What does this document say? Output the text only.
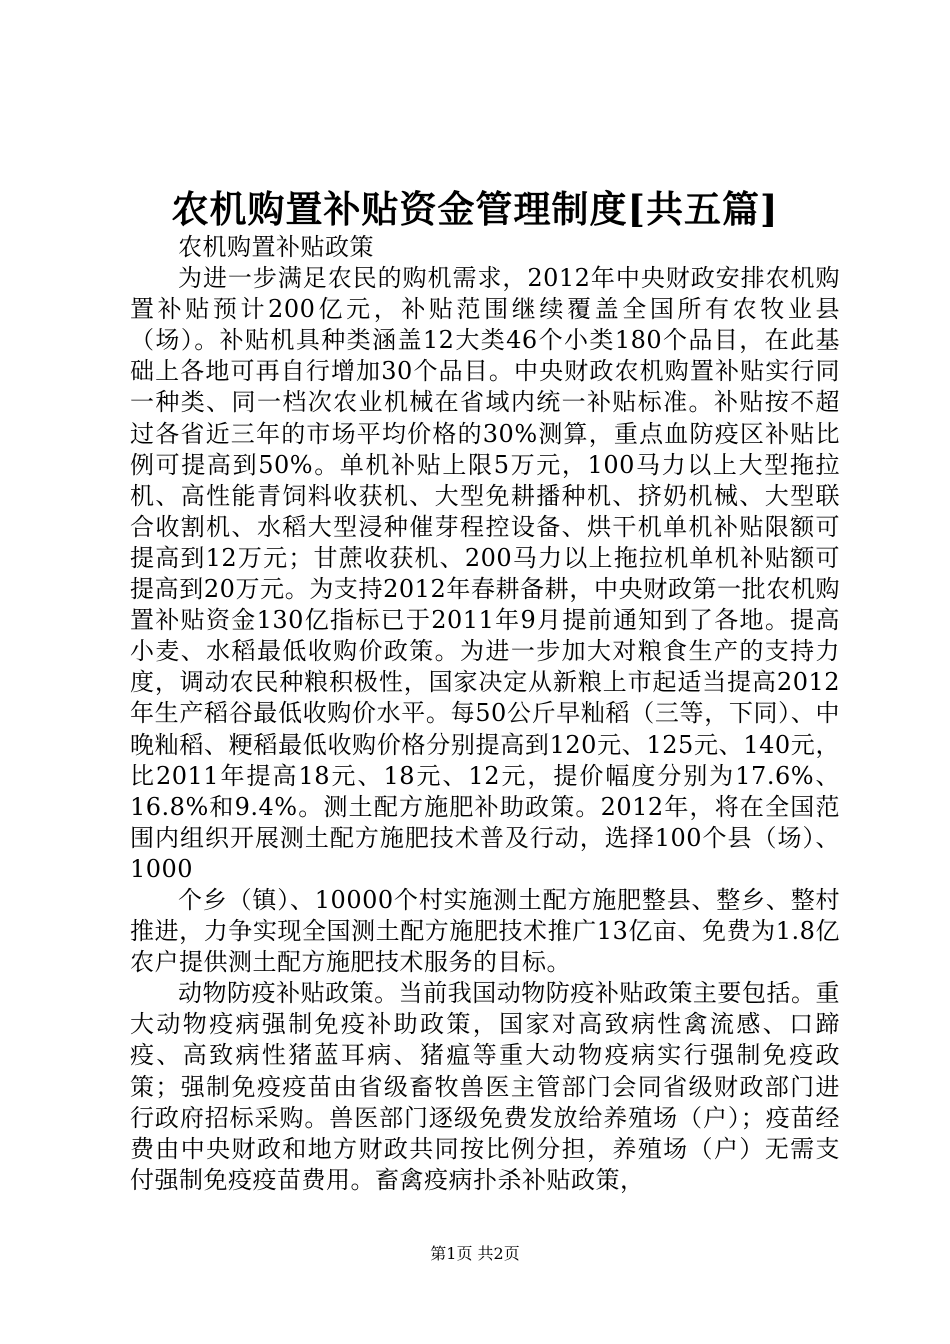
农机购置补贴资金管理制度[共五篇]

农机购置补贴政策

为进一步满足农民的购机需求，2012年中央财政安排农机购置补贴预计200亿元，补贴范围继续覆盖全国所有农牧业县（场）。补贴机具种类涵盖12大类46个小类180个品目，在此基础上各地可再自行增加30个品目。中央财政农机购置补贴实行同一种类、同一档次农业机械在省域内统一补贴标准。补贴按不超过各省近三年的市场平均价格的30%测算，重点血防疫区补贴比例可提高到50%。单机补贴上限5万元，100马力以上大型拖拉机、高性能青饲料收获机、大型免耕播种机、挤奶机械、大型联合收割机、水稻大型浸种催芽程控设备、烘干机单机补贴限额可提高到12万元；甘蔗收获机、200马力以上拖拉机单机补贴额可提高到20万元。为支持2012年春耕备耕，中央财政第一批农机购置补贴资金130亿指标已于2011年9月提前通知到了各地。提高小麦、水稻最低收购价政策。为进一步加大对粮食生产的支持力度，调动农民种粮积极性，国家决定从新粮上市起适当提高2012年生产稻谷最低收购价水平。每50公斤早籼稻（三等，下同）、中晚籼稻、粳稻最低收购价格分别提高到120元、125元、140元，比2011年提高18元、18元、12元，提价幅度分别为17.6%、16.8%和9.4%。测土配方施肥补助政策。2012年，将在全国范围内组织开展测土配方施肥技术普及行动，选择100个县（场）、1000

个乡（镇）、10000个村实施测土配方施肥整县、整乡、整村推进，力争实现全国测土配方施肥技术推广13亿亩、免费为1.8亿农户提供测土配方施肥技术服务的目标。

动物防疫补贴政策。当前我国动物防疫补贴政策主要包括。重大动物疫病强制免疫补助政策，国家对高致病性禽流感、口蹄疫、高致病性猪蓝耳病、猪瘟等重大动物疫病实行强制免疫政策；强制免疫疫苗由省级畜牧兽医主管部门会同省级财政部门进行政府招标采购。兽医部门逐级免费发放给养殖场（户）；疫苗经费由中央财政和地方财政共同按比例分担，养殖场（户）无需支付强制免疫疫苗费用。畜禽疫病扑杀补贴政策，

第1页 共2页
